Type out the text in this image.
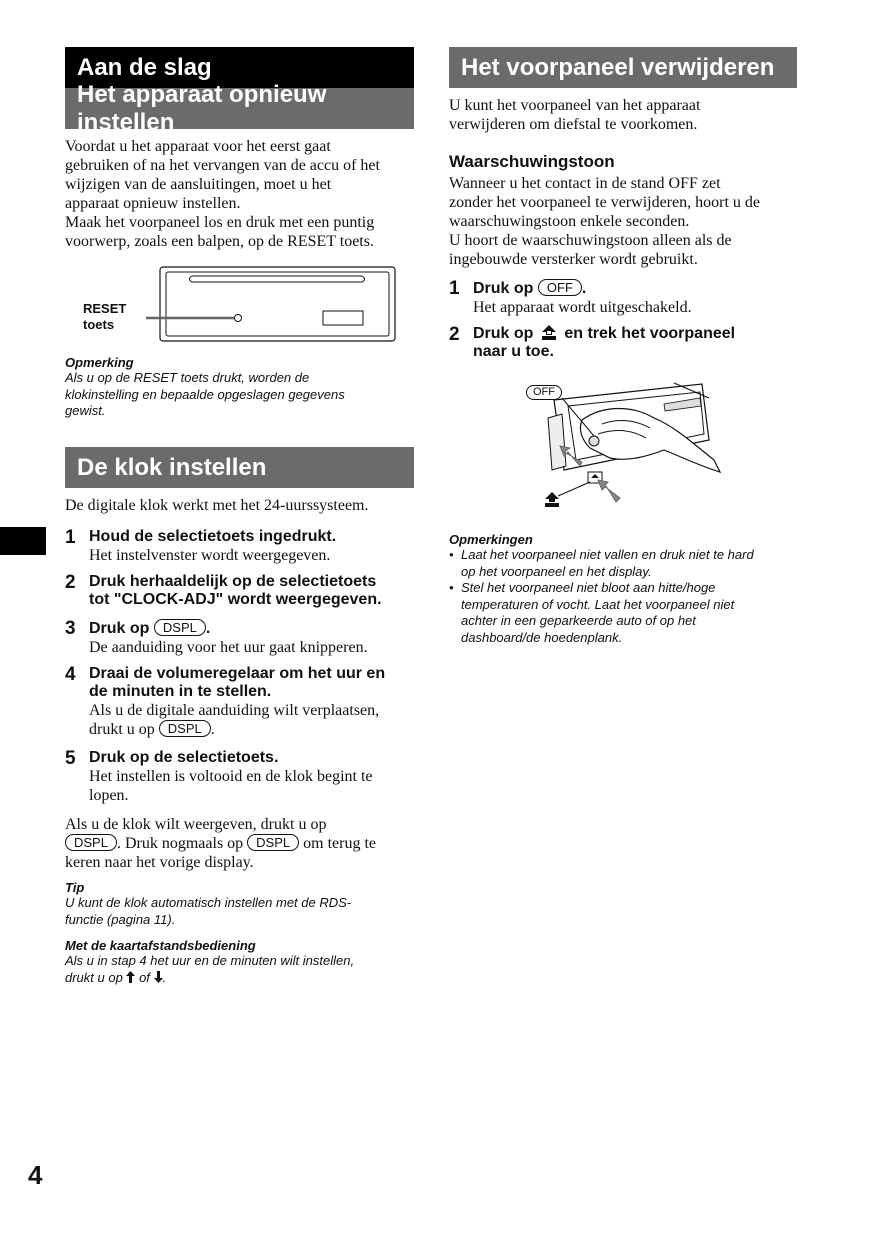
Aan de slag
Het apparaat opnieuw instellen
Voordat u het apparaat voor het eerst gaat
gebruiken of na het vervangen van de accu of het
wijzigen van de aansluitingen, moet u het
apparaat opnieuw instellen.
Maak het voorpaneel los en druk met een puntig
voorwerp, zoals een balpen, op de RESET toets.
RESET
toets
Opmerking
Als u op de RESET toets drukt, worden de
klokinstelling en bepaalde opgeslagen gegevens
gewist.
De klok instellen
De digitale klok werkt met het 24-uurssysteem.
1 Houd de selectietoets ingedrukt.
Het instelvenster wordt weergegeven.
2 Druk herhaaldelijk op de selectietoets
tot "CLOCK-ADJ" wordt weergegeven.
3 Druk op DSPL .
De aanduiding voor het uur gaat knipperen.
4 Draai de volumeregelaar om het uur en
de minuten in te stellen.
Als u de digitale aanduiding wilt verplaatsen,
drukt u op DSPL .
5 Druk op de selectietoets.
Het instellen is voltooid en de klok begint te
lopen.
Als u de klok wilt weergeven, drukt u op
DSPL . Druk nogmaals op DSPL om terug te
keren naar het vorige display.
Tip
U kunt de klok automatisch instellen met de RDS-
functie (pagina 11).
Met de kaartafstandsbediening
Als u in stap 4 het uur en de minuten wilt instellen,
drukt u op of .
Het voorpaneel verwijderen
U kunt het voorpaneel van het apparaat
verwijderen om diefstal te voorkomen.
Waarschuwingstoon
Wanneer u het contact in de stand OFF zet
zonder het voorpaneel te verwijderen, hoort u de
waarschuwingstoon enkele seconden.
U hoort de waarschuwingstoon alleen als de
ingebouwde versterker wordt gebruikt.
1 Druk op OFF .
Het apparaat wordt uitgeschakeld.
2 Druk op en trek het voorpaneel
naar u toe.
OFF
Opmerkingen
• Laat het voorpaneel niet vallen en druk niet te hard
op het voorpaneel en het display.
• Stel het voorpaneel niet bloot aan hitte/hoge
temperaturen of vocht. Laat het voorpaneel niet
achter in een geparkeerde auto of op het
dashboard/de hoedenplank.
4
